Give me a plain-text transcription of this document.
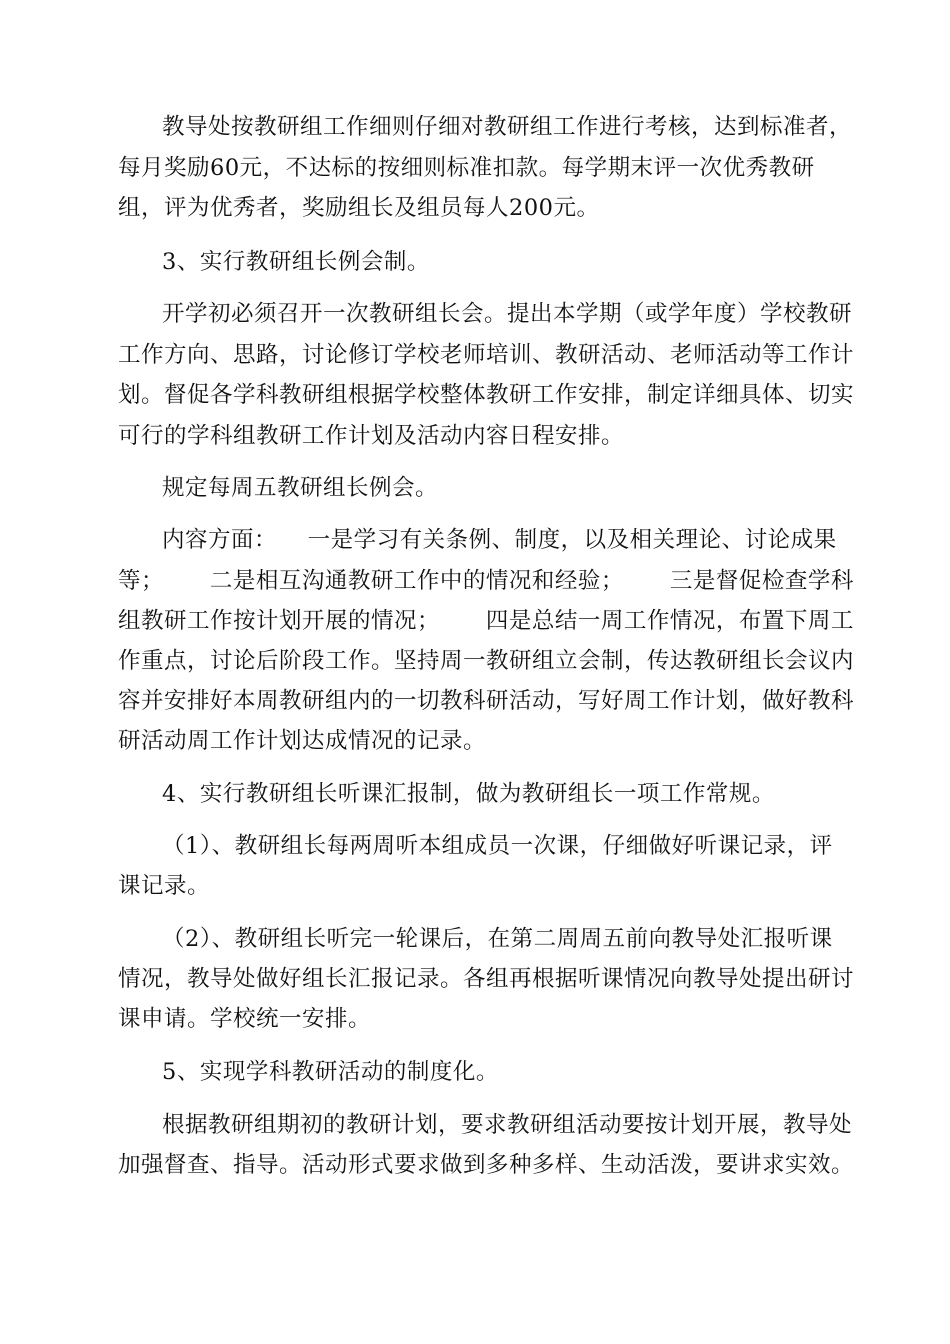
教导处按教研组工作细则仔细对教研组工作进行考核，达到标准者，
每月奖励60元，不达标的按细则标准扣款。每学期末评一次优秀教研
组，评为优秀者，奖励组长及组员每人200元。
3、实行教研组长例会制。
开学初必须召开一次教研组长会。提出本学期（或学年度）学校教研
工作方向、思路，讨论修订学校老师培训、教研活动、老师活动等工作计
划。督促各学科教研组根据学校整体教研工作安排，制定详细具体、切实
可行的学科组教研工作计划及活动内容日程安排。
规定每周五教研组长例会。
内容方面：    一是学习有关条例、制度，以及相关理论、讨论成果
等；      二是相互沟通教研工作中的情况和经验；      三是督促检查学科
组教研工作按计划开展的情况；      四是总结一周工作情况，布置下周工
作重点，讨论后阶段工作。坚持周一教研组立会制，传达教研组长会议内
容并安排好本周教研组内的一切教科研活动，写好周工作计划，做好教科
研活动周工作计划达成情况的记录。
4、实行教研组长听课汇报制，做为教研组长一项工作常规。
（1）、教研组长每两周听本组成员一次课，仔细做好听课记录，评
课记录。
（2）、教研组长听完一轮课后，在第二周周五前向教导处汇报听课
情况，教导处做好组长汇报记录。各组再根据听课情况向教导处提出研讨
课申请。学校统一安排。
5、实现学科教研活动的制度化。
根据教研组期初的教研计划，要求教研组活动要按计划开展，教导处
加强督查、指导。活动形式要求做到多种多样、生动活泼，要讲求实效。
